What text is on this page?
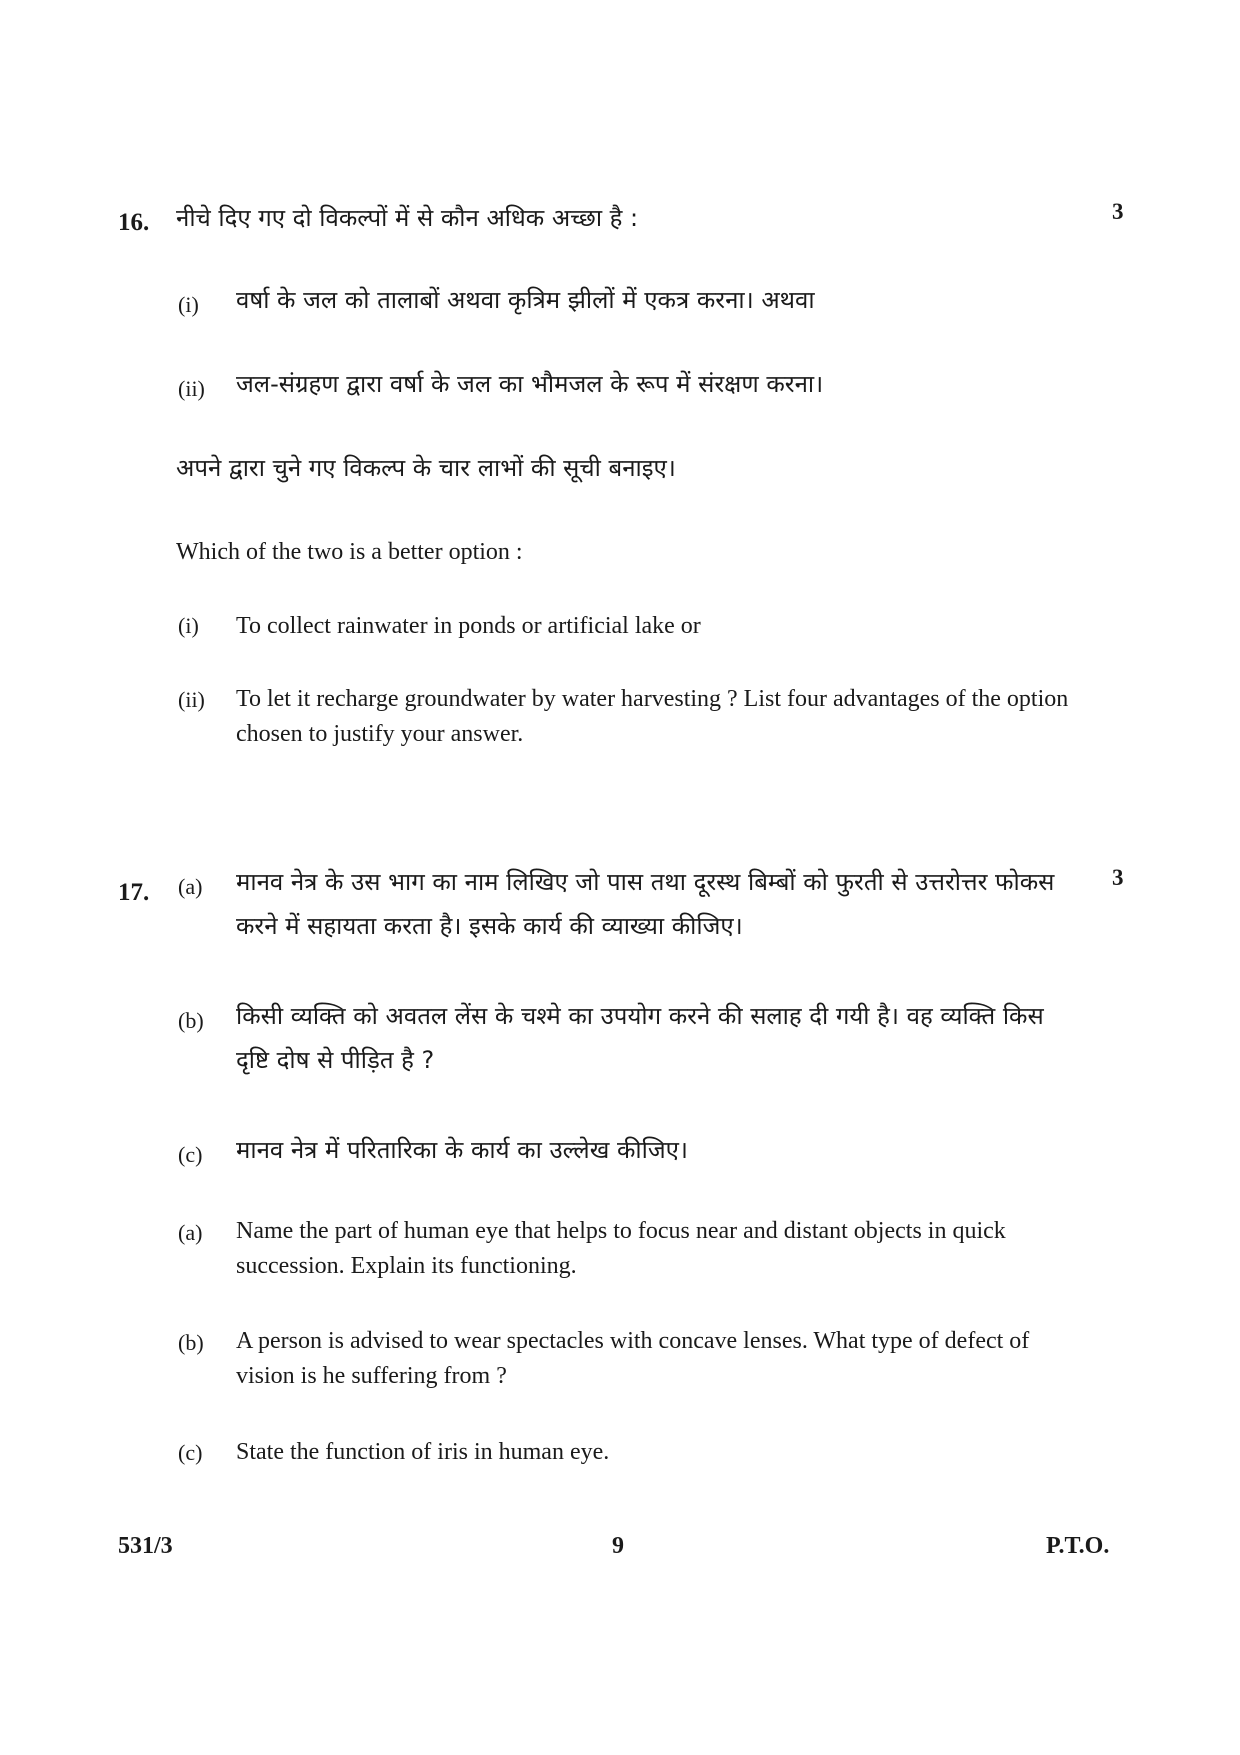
16.	3
नीचे दिए गए दो विकल्पों में से कौन अधिक अच्छा है :
(i) वर्षा के जल को तालाबों अथवा कृत्रिम झीलों में एकत्र करना। अथवा
(ii) जल-संग्रहण द्वारा वर्षा के जल का भौमजल के रूप में संरक्षण करना।
अपने द्वारा चुने गए विकल्प के चार लाभों की सूची बनाइए।
Which of the two is a better option :
(i) To collect rainwater in ponds or artificial lake or
(ii) To let it recharge groundwater by water harvesting ? List four advantages of the option chosen to justify your answer.
17.
3
(a) मानव नेत्र के उस भाग का नाम लिखिए जो पास तथा दूरस्थ बिम्बों को फुरती से उत्तरोत्तर फोकस करने में सहायता करता है। इसके कार्य की व्याख्या कीजिए।
(b) किसी व्यक्ति को अवतल लेंस के चश्मे का उपयोग करने की सलाह दी गयी है। वह व्यक्ति किस दृष्टि दोष से पीड़ित है ?
(c) मानव नेत्र में परितारिका के कार्य का उल्लेख कीजिए।
(a) Name the part of human eye that helps to focus near and distant objects in quick succession. Explain its functioning.
(b) A person is advised to wear spectacles with concave lenses. What type of defect of vision is he suffering from ?
(c) State the function of iris in human eye.
531/3	9	P.T.O.
